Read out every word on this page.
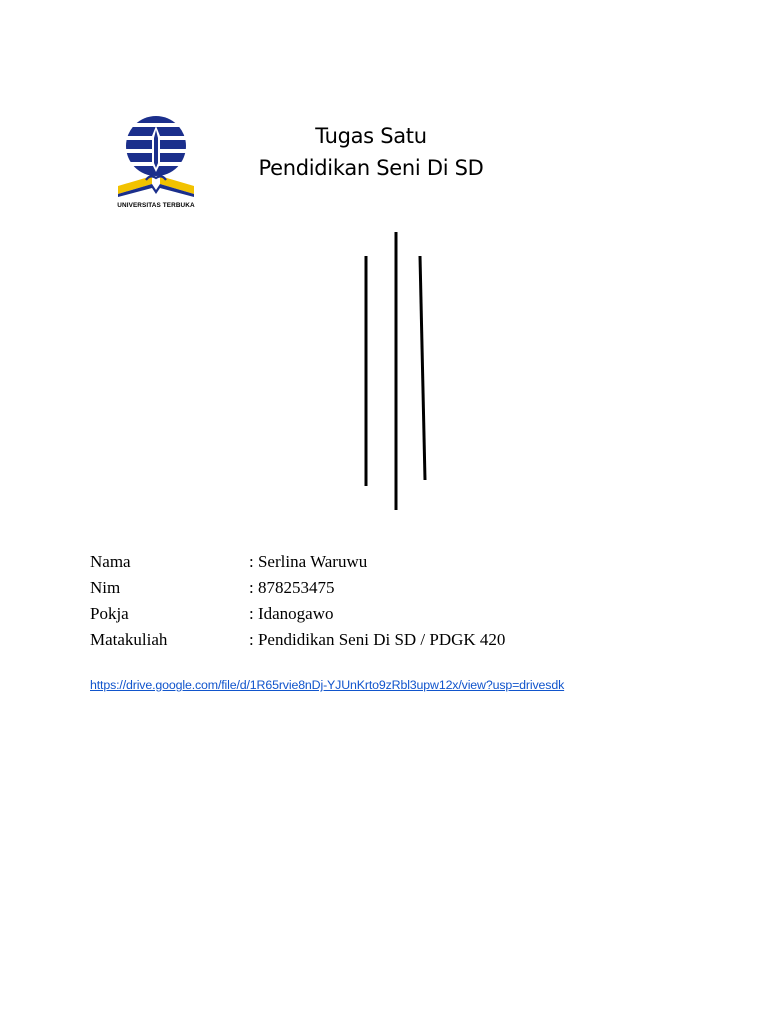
UNIVERSITAS TERBUKA
Tugas Satu
Pendidikan Seni Di SD
Nama	: Serlina Waruwu
Nim	: 878253475
Pokja	: Idanogawo
Matakuliah	: Pendidikan Seni Di SD / PDGK 420
https://drive.google.com/file/d/1R65rvie8nDj-YJUnKrto9zRbl3upw12x/view?usp=drivesdk
